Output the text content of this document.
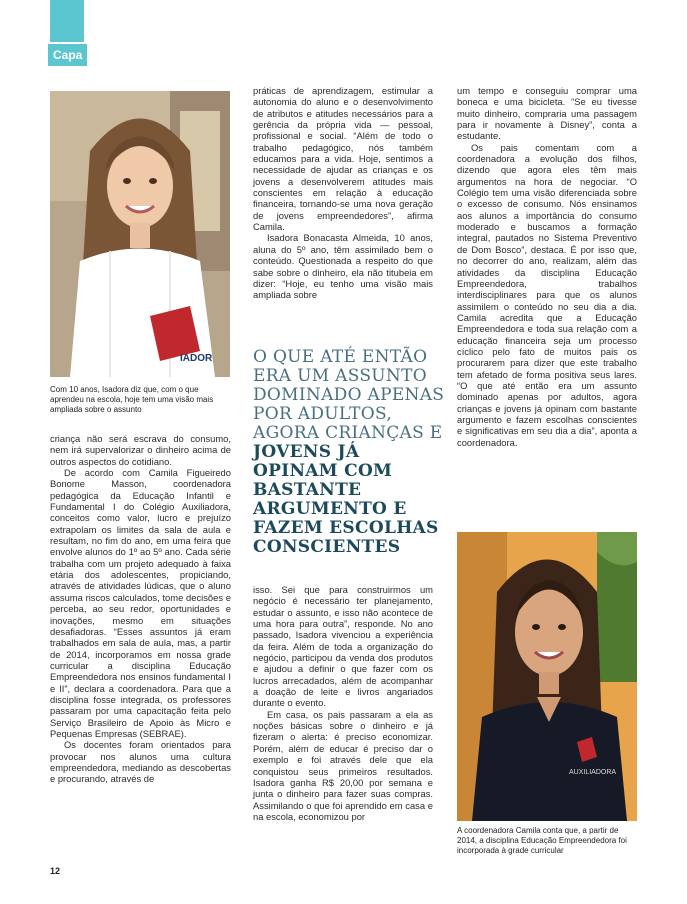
Capa
IADOR

Com 10 anos, Isadora diz que, com o que aprendeu na escola, hoje tem uma visão mais ampliada sobre o assunto

criança não será escrava do consumo, nem irá supervalorizar o dinheiro acima de outros aspectos do cotidiano.

De acordo com Camila Figueiredo Bonome Masson, coordenadora pedagógica da Educação Infantil e Fundamental I do Colégio Auxiliadora, conceitos como valor, lucro e prejuízo extrapolam os limites da sala de aula e resultam, no fim do ano, em uma feira que envolve alunos do 1º ao 5º ano. Cada série trabalha com um projeto adequado à faixa etária dos adolescentes, propiciando, através de atividades lúdicas, que o aluno assuma riscos calculados, tome decisões e perceba, ao seu redor, oportunidades e inovações, mesmo em situações desafiadoras. “Esses assuntos já eram trabalhados em sala de aula, mas, a partir de 2014, incorporamos em nossa grade curricular a disciplina Educação Empreendedora nos ensinos fundamental I e II”, declara a coordenadora. Para que a disciplina fosse integrada, os professores passaram por uma capacitação feita pelo Serviço Brasileiro de Apoio às Micro e Pequenas Empresas (SEBRAE).

Os docentes foram orientados para provocar nos alunos uma cultura empreendedora, mediando as descobertas e procurando, através de

práticas de aprendizagem, estimular a autonomia do aluno e o desenvolvimento de atributos e atitudes necessários para a gerência da própria vida — pessoal, profissional e social. “Além de todo o trabalho pedagógico, nós também educamos para a vida. Hoje, sentimos a necessidade de ajudar as crianças e os jovens a desenvolverem atitudes mais conscientes em relação à educação financeira, tornando-se uma nova geração de jovens empreendedores”, afirma Camila.

Isadora Bonacasta Almeida, 10 anos, aluna do 5º ano, têm assimilado bem o conteúdo. Questionada a respeito do que sabe sobre o dinheiro, ela não titubeia em dizer: “Hoje, eu tenho uma visão mais ampliada sobre

O QUE ATÉ ENTÃO ERA UM ASSUNTO DOMINADO APENAS POR ADULTOS, AGORA CRIANÇAS E JOVENS JÁ OPINAM COM BASTANTE ARGUMENTO E FAZEM ESCOLHAS CONSCIENTES

isso. Sei que para construirmos um negócio é necessário ter planejamento, estudar o assunto, e isso não acontece de uma hora para outra”, responde. No ano passado, Isadora vivenciou a experiência da feira. Além de toda a organização do negócio, participou da venda dos produtos e ajudou a definir o que fazer com os lucros arrecadados, além de acompanhar a doação de leite e livros angariados durante o evento.

Em casa, os pais passaram a ela as noções básicas sobre o dinheiro e já fizeram o alerta: é preciso economizar. Porém, além de educar é preciso dar o exemplo e foi através dele que ela conquistou seus primeiros resultados. Isadora ganha R$ 20,00 por semana e junta o dinheiro para fazer suas compras. Assimilando o que foi aprendido em casa e na escola, economizou por

um tempo e conseguiu comprar uma boneca e uma bicicleta. “Se eu tivesse muito dinheiro, compraria uma passagem para ir novamente à Disney”, conta a estudante.

Os pais comentam com a coordenadora a evolução dos filhos, dizendo que agora eles têm mais argumentos na hora de negociar. “O Colégio tem uma visão diferenciada sobre o excesso de consumo. Nós ensinamos aos alunos a importância do consumo moderado e buscamos a formação integral, pautados no Sistema Preventivo de Dom Bosco”, destaca. É por isso que, no decorrer do ano, realizam, além das atividades da disciplina Educação Empreendedora, trabalhos interdisciplinares para que os alunos assimilem o conteúdo no seu dia a dia. Camila acredita que a Educação Empreendedora e toda sua relação com a educação financeira seja um processo cíclico pelo fato de muitos pais os procurarem para dizer que este trabalho tem afetado de forma positiva seus lares. “O que até então era um assunto dominado apenas por adultos, agora crianças e jovens já opinam com bastante argumento e fazem escolhas conscientes e significativas em seu dia a dia”, aponta a coordenadora.

AUXILIADORA

A coordenadora Camila conta que, a partir de 2014, a disciplina Educação Empreendedora foi incorporada à grade curricular

12
